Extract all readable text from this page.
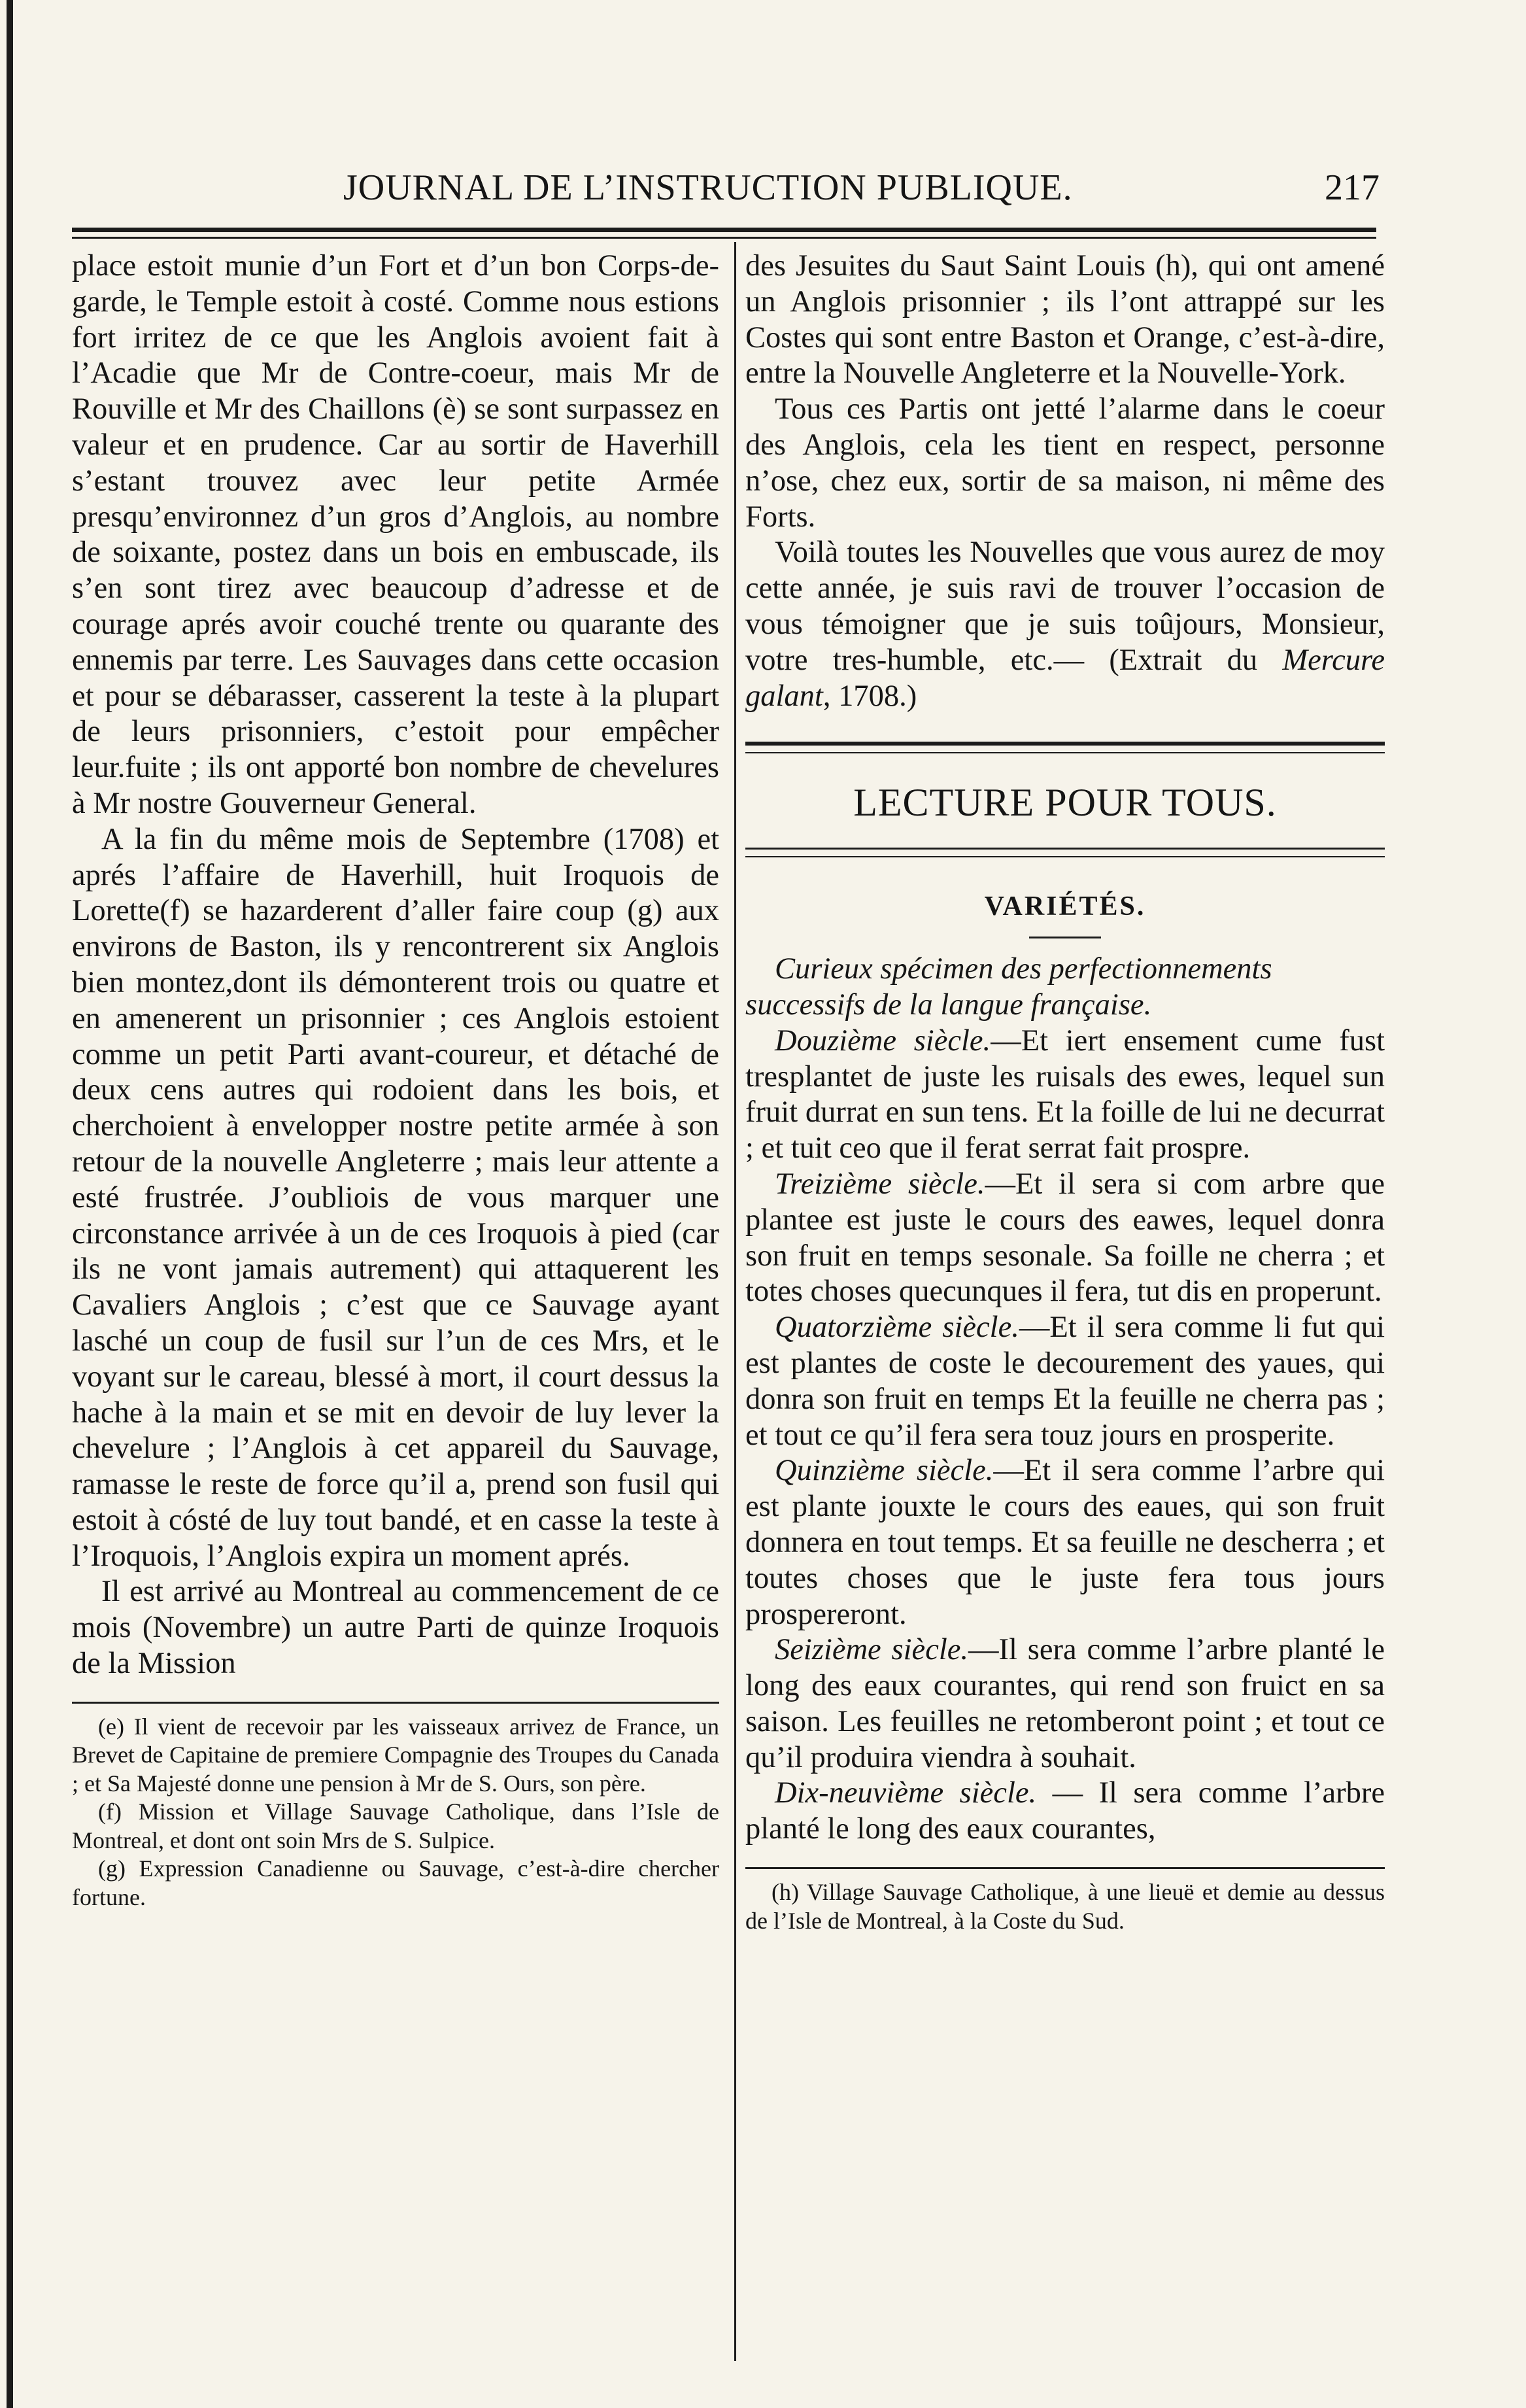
JOURNAL DE L’INSTRUCTION PUBLIQUE.	217

place estoit munie d’un Fort et d’un bon Corps-de-garde, le Temple estoit à costé. Comme nous estions fort irritez de ce que les Anglois avoient fait à l’Acadie que Mr de Contre-coeur, mais Mr de Rouville et Mr des Chaillons (è) se sont surpassez en valeur et en prudence. Car au sortir de Haverhill s’estant trouvez avec leur petite Armée presqu’environnez d’un gros d’Anglois, au nombre de soixante, postez dans un bois en embuscade, ils s’en sont tirez avec beaucoup d’adresse et de courage aprés avoir couché trente ou quarante des ennemis par terre. Les Sauvages dans cette occasion et pour se débarasser, casserent la teste à la plupart de leurs prisonniers, c’estoit pour empêcher leur.fuite ; ils ont apporté bon nombre de chevelures à Mr nostre Gouverneur General.

A la fin du même mois de Septembre (1708) et aprés l’affaire de Haverhill, huit Iroquois de Lorette(f) se hazarderent d’aller faire coup (g) aux environs de Baston, ils y rencontrerent six Anglois bien montez,dont ils démonterent trois ou quatre et en amenerent un prisonnier ; ces Anglois estoient comme un petit Parti avant-coureur, et détaché de deux cens autres qui rodoient dans les bois, et cherchoient à envelopper nostre petite armée à son retour de la nouvelle Angleterre ; mais leur attente a esté frustrée. J’oubliois de vous marquer une circonstance arrivée à un de ces Iroquois à pied (car ils ne vont jamais autrement) qui attaquerent les Cavaliers Anglois ; c’est que ce Sauvage ayant lasché un coup de fusil sur l’un de ces Mrs, et le voyant sur le careau, blessé à mort, il court dessus la hache à la main et se mit en devoir de luy lever la chevelure ; l’Anglois à cet appareil du Sauvage, ramasse le reste de force qu’il a, prend son fusil qui estoit à cósté de luy tout bandé, et en casse la teste à l’Iroquois, l’Anglois expira un moment aprés.

Il est arrivé au Montreal au commencement de ce mois (Novembre) un autre Parti de quinze Iroquois de la Mission

(e) Il vient de recevoir par les vaisseaux arrivez de France, un Brevet de Capitaine de premiere Compagnie des Troupes du Canada ; et Sa Majesté donne une pension à Mr de S. Ours, son père.

(f) Mission et Village Sauvage Catholique, dans l’Isle de Montreal, et dont ont soin Mrs de S. Sulpice.

(g) Expression Canadienne ou Sauvage, c’est-à-dire chercher fortune.

des Jesuites du Saut Saint Louis (h), qui ont amené un Anglois prisonnier ; ils l’ont attrappé sur les Costes qui sont entre Baston et Orange, c’est-à-dire, entre la Nouvelle Angleterre et la Nouvelle-York.

Tous ces Partis ont jetté l’alarme dans le coeur des Anglois, cela les tient en respect, personne n’ose, chez eux, sortir de sa maison, ni même des Forts.

Voilà toutes les Nouvelles que vous aurez de moy cette année, je suis ravi de trouver l’occasion de vous témoigner que je suis toûjours, Monsieur, votre tres-humble, etc.— (Extrait du Mercure galant, 1708.)

LECTURE POUR TOUS.
VARIÉTÉS.

Curieux spécimen des perfectionnements successifs de la langue française.

Douzième siècle.—Et iert ensement cume fust tresplantet de juste les ruisals des ewes, lequel sun fruit durrat en sun tens. Et la foille de lui ne decurrat ; et tuit ceo que il ferat serrat fait prospre.

Treizième siècle.—Et il sera si com arbre que plantee est juste le cours des eawes, lequel donra son fruit en temps sesonale. Sa foille ne cherra ; et totes choses quecunques il fera, tut dis en properunt.

Quatorzième siècle.—Et il sera comme li fut qui est plantes de coste le decourement des yaues, qui donra son fruit en temps Et la feuille ne cherra pas ; et tout ce qu’il fera sera touz jours en prosperite.

Quinzième siècle.—Et il sera comme l’arbre qui est plante jouxte le cours des eaues, qui son fruit donnera en tout temps. Et sa feuille ne descherra ; et toutes choses que le juste fera tous jours prospereront.

Seizième siècle.—Il sera comme l’arbre planté le long des eaux courantes, qui rend son fruict en sa saison. Les feuilles ne retomberont point ; et tout ce qu’il produira viendra à souhait.

Dix-neuvième siècle. — Il sera comme l’arbre planté le long des eaux courantes,

(h) Village Sauvage Catholique, à une lieuë et demie au dessus de l’Isle de Montreal, à la Coste du Sud.
